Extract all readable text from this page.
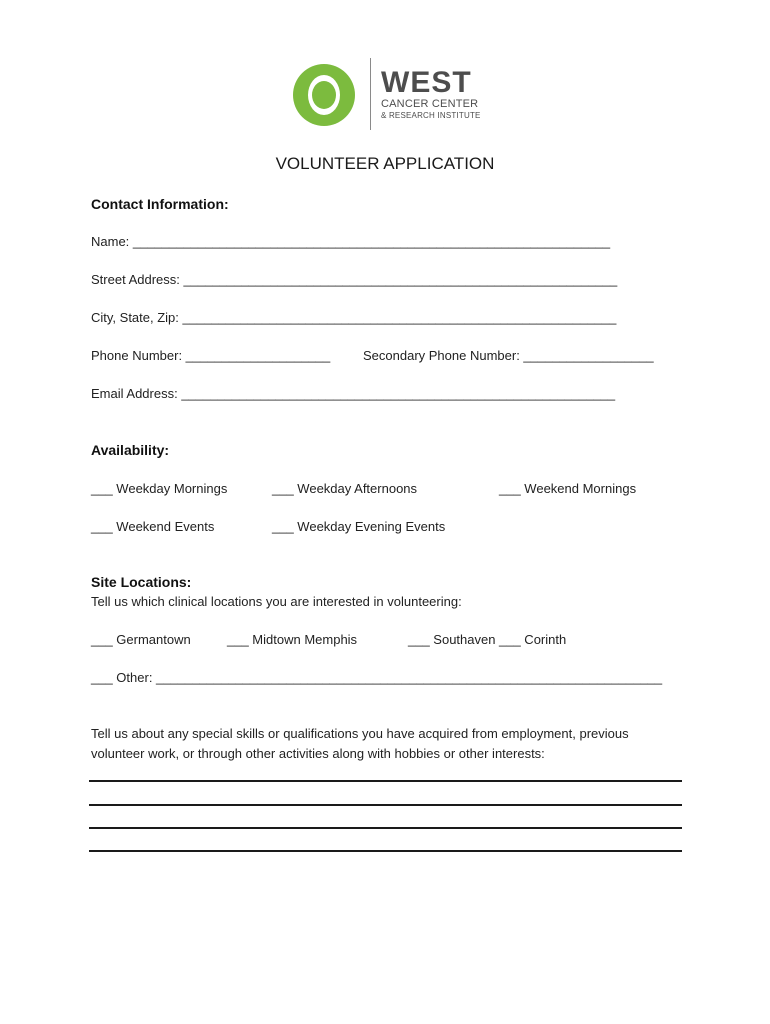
WEST
CANCER CENTER
& RESEARCH INSTITUTE
VOLUNTEER APPLICATION
Contact Information:
Name: __________________________________________________________________
Street Address: ____________________________________________________________
City, State, Zip: ____________________________________________________________
Phone Number: ____________________	Secondary Phone Number: __________________
Email Address: ____________________________________________________________
Availability:
___ Weekday Mornings	___ Weekday Afternoons	___ Weekend Mornings
___ Weekend Events	___ Weekday Evening Events
Site Locations:
Tell us which clinical locations you are interested in volunteering:
___ Germantown	___ Midtown Memphis	___ Southaven ___ Corinth
___ Other: ______________________________________________________________________
Tell us about any special skills or qualifications you have acquired from employment, previous
volunteer work, or through other activities along with hobbies or other interests:
